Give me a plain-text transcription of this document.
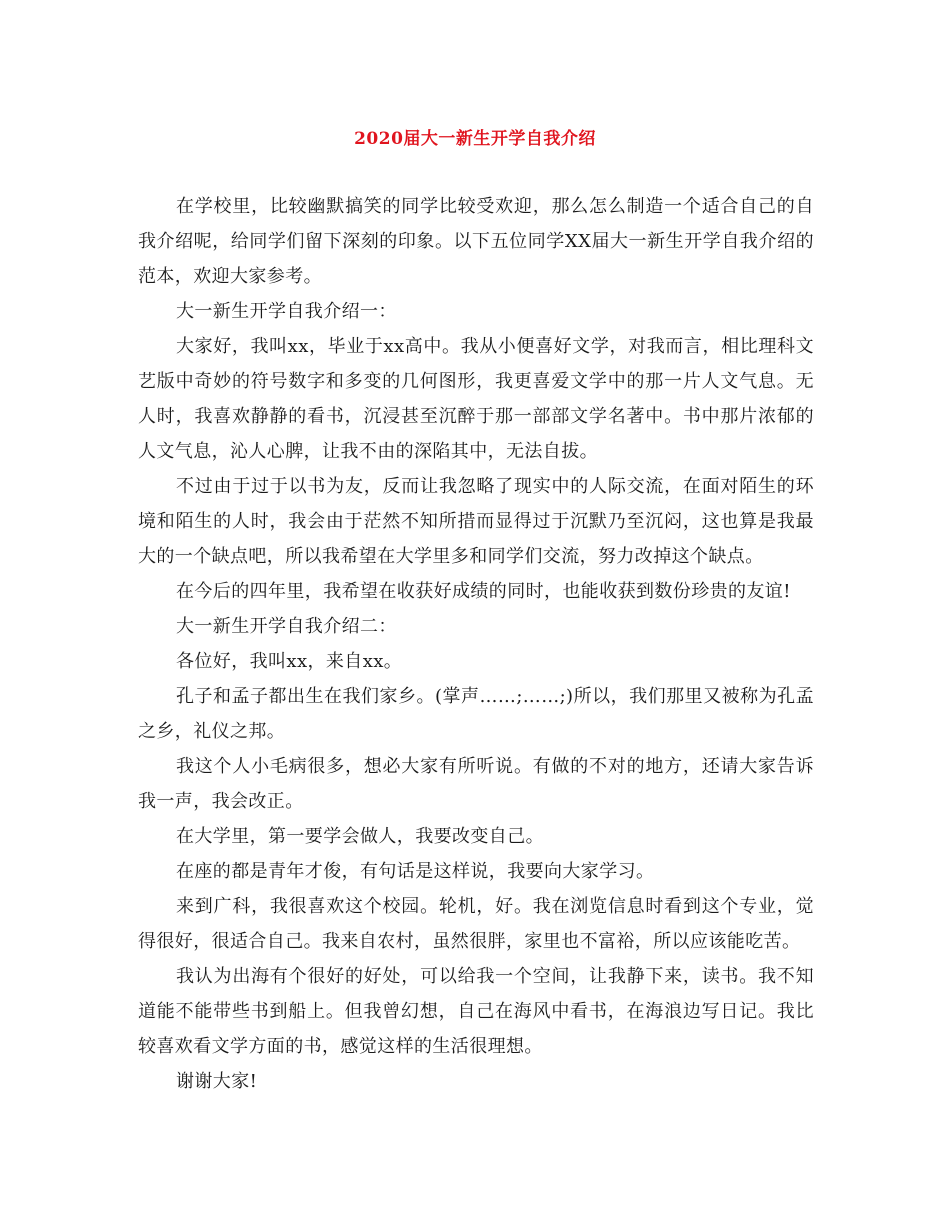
2020届大一新生开学自我介绍

在学校里，比较幽默搞笑的同学比较受欢迎，那么怎么制造一个适合自己的自我介绍呢，给同学们留下深刻的印象。以下五位同学XX届大一新生开学自我介绍的范本，欢迎大家参考。

大一新生开学自我介绍一：

大家好，我叫xx，毕业于xx高中。我从小便喜好文学，对我而言，相比理科文艺版中奇妙的符号数字和多变的几何图形，我更喜爱文学中的那一片人文气息。无人时，我喜欢静静的看书，沉浸甚至沉醉于那一部部文学名著中。书中那片浓郁的人文气息，沁人心脾，让我不由的深陷其中，无法自拔。

不过由于过于以书为友，反而让我忽略了现实中的人际交流，在面对陌生的环境和陌生的人时，我会由于茫然不知所措而显得过于沉默乃至沉闷，这也算是我最大的一个缺点吧，所以我希望在大学里多和同学们交流，努力改掉这个缺点。

在今后的四年里，我希望在收获好成绩的同时，也能收获到数份珍贵的友谊!

大一新生开学自我介绍二：

各位好，我叫xx，来自xx。

孔子和孟子都出生在我们家乡。(掌声……;……;)所以，我们那里又被称为孔孟之乡，礼仪之邦。

我这个人小毛病很多，想必大家有所听说。有做的不对的地方，还请大家告诉我一声，我会改正。

在大学里，第一要学会做人，我要改变自己。

在座的都是青年才俊，有句话是这样说，我要向大家学习。

来到广科，我很喜欢这个校园。轮机，好。我在浏览信息时看到这个专业，觉得很好，很适合自己。我来自农村，虽然很胖，家里也不富裕，所以应该能吃苦。

我认为出海有个很好的好处，可以给我一个空间，让我静下来，读书。我不知道能不能带些书到船上。但我曾幻想，自己在海风中看书，在海浪边写日记。我比较喜欢看文学方面的书，感觉这样的生活很理想。

谢谢大家!
